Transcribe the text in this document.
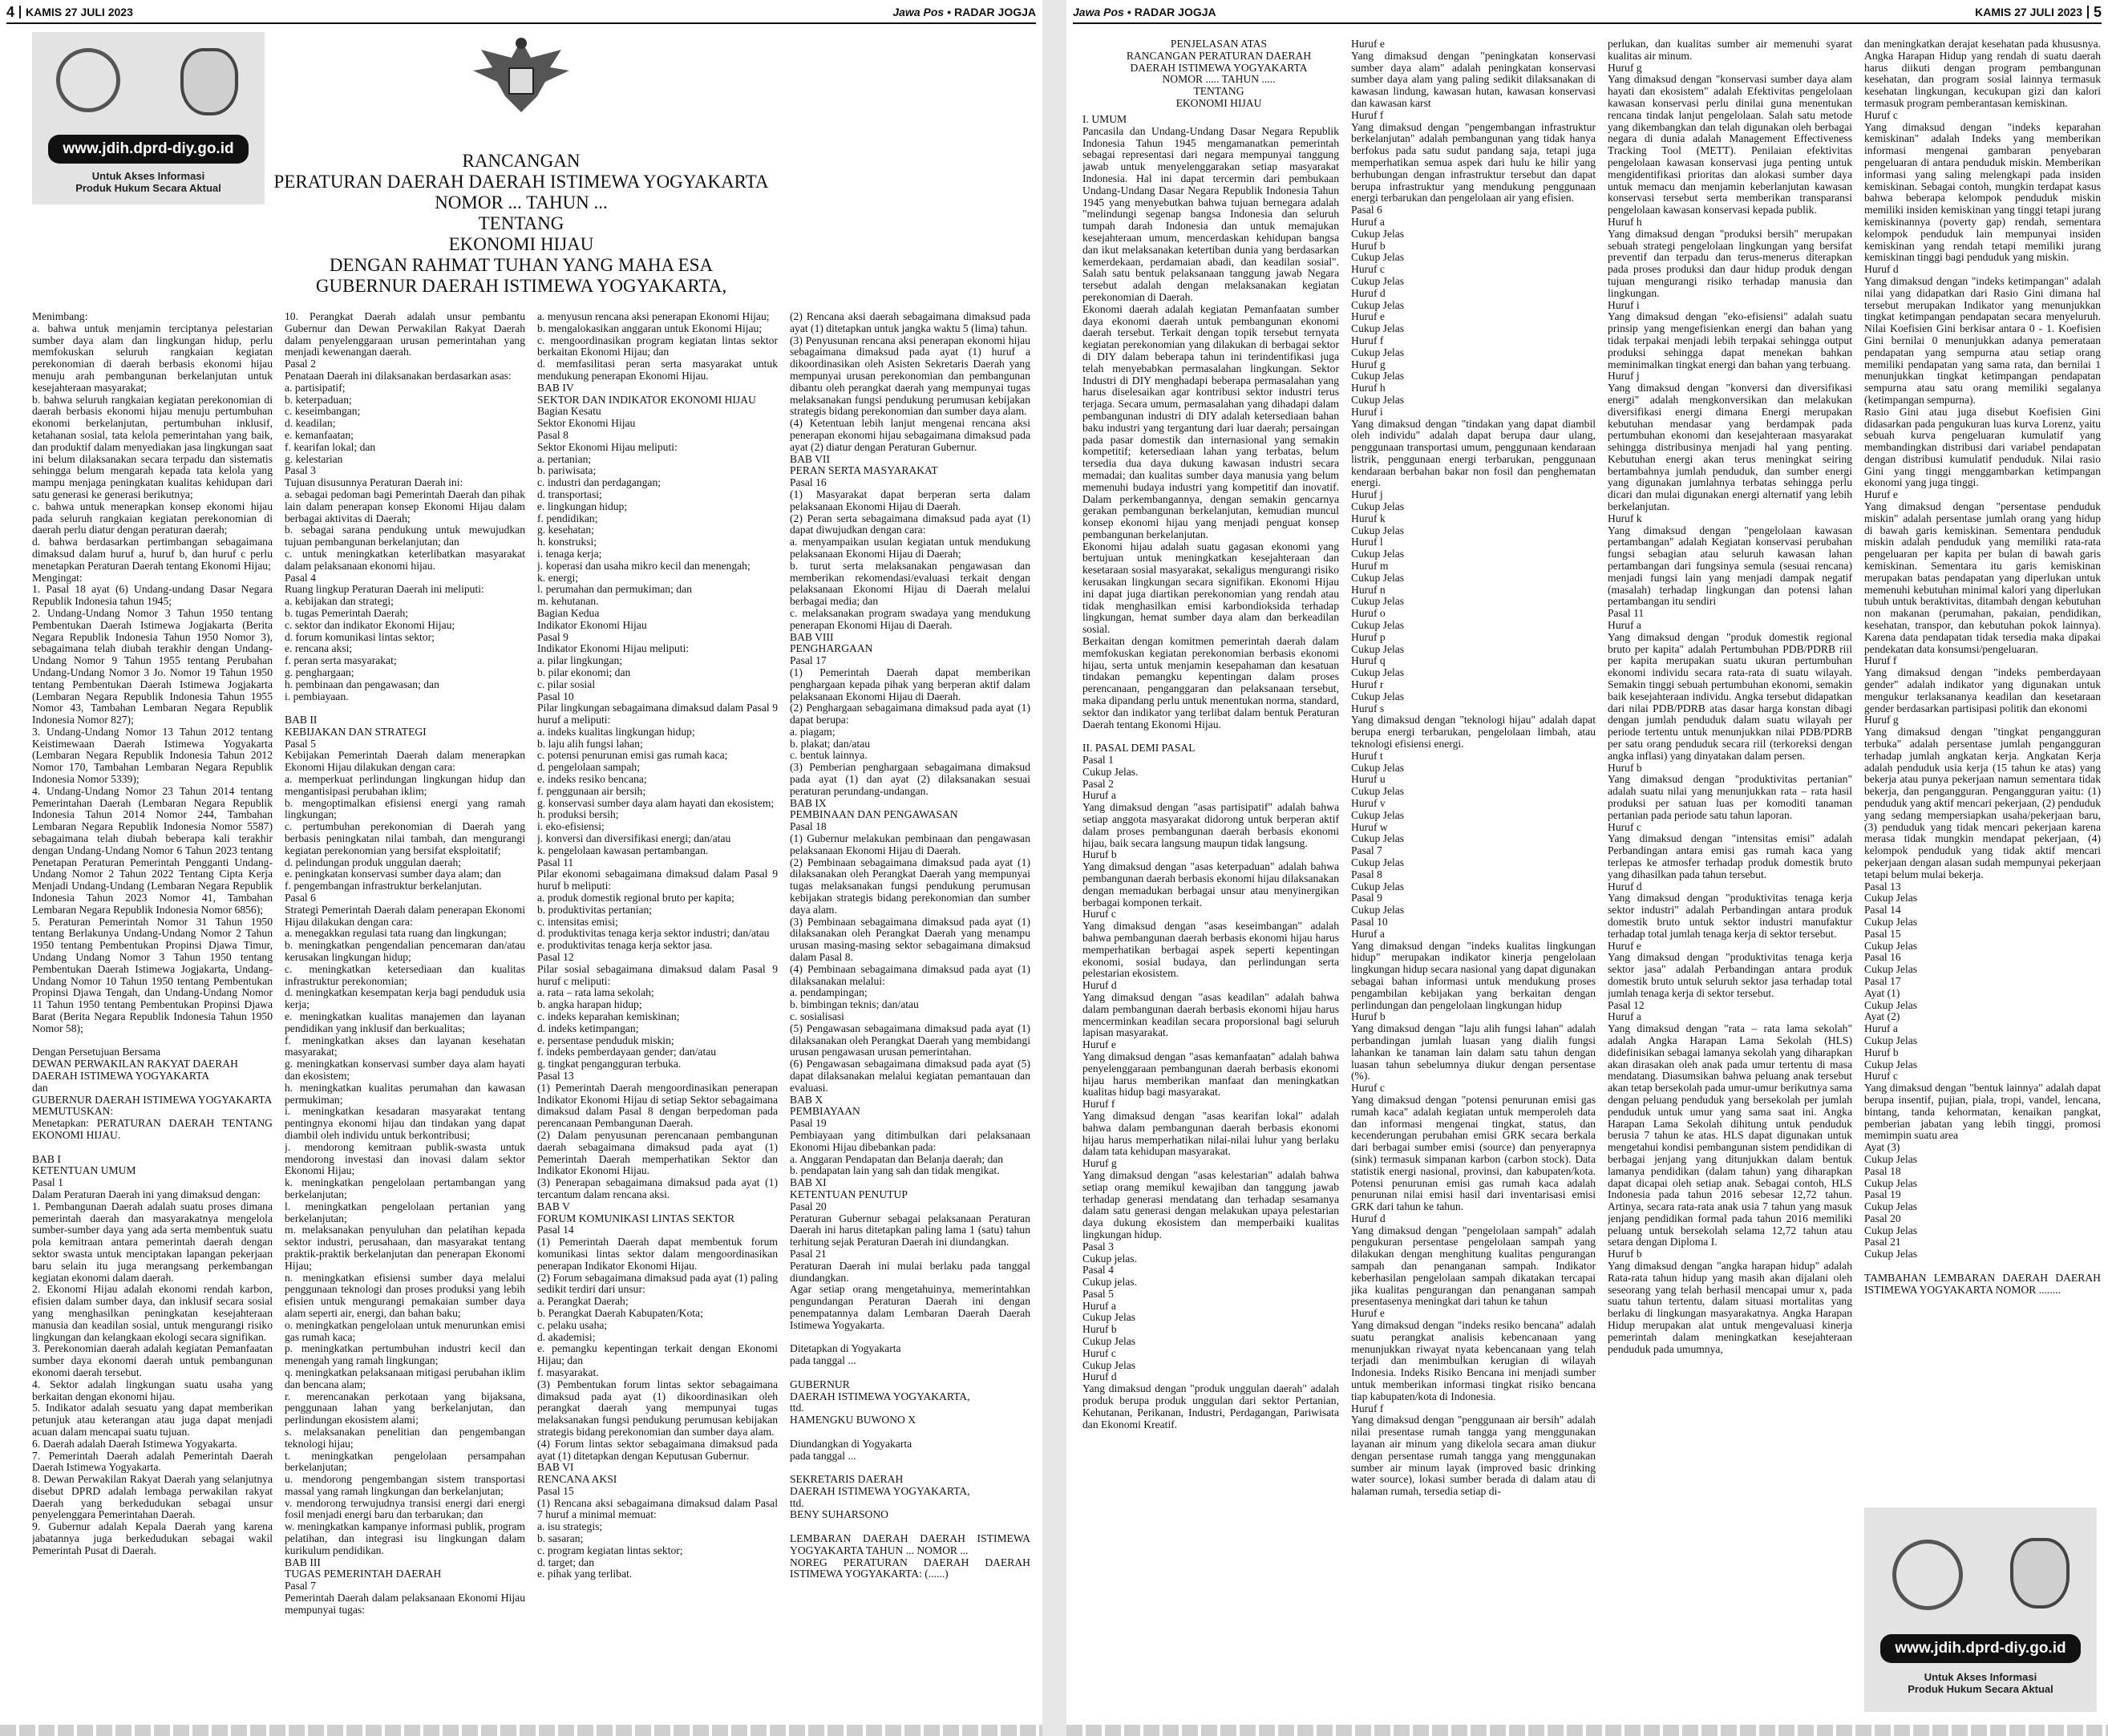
4 KAMIS 27 JULI 2023	Jawa Pos • RADAR JOGJA
www.jdih.dprd-diy.go.id
Untuk Akses Informasi
Produk Hukum Secara Aktual
RANCANGAN
PERATURAN DAERAH DAERAH ISTIMEWA YOGYAKARTA
NOMOR ... TAHUN ...
TENTANG
EKONOMI HIJAU
DENGAN RAHMAT TUHAN YANG MAHA ESA
GUBERNUR DAERAH ISTIMEWA YOGYAKARTA,
Menimbang:
a. bahwa untuk menjamin terciptanya pelestarian sumber daya alam dan lingkungan hidup, perlu memfokuskan seluruh rangkaian kegiatan perekonomian di daerah berbasis ekonomi hijau menuju arah pembangunan berkelanjutan untuk kesejahteraan masyarakat;
b. bahwa seluruh rangkaian kegiatan perekonomian di daerah berbasis ekonomi hijau menuju pertumbuhan ekonomi berkelanjutan, pertumbuhan inklusif, ketahanan sosial, tata kelola pemerintahan yang baik, dan produktif dalam menyediakan jasa lingkungan saat ini belum dilaksanakan secara terpadu dan sistematis sehingga belum mengarah kepada tata kelola yang mampu menjaga peningkatan kualitas kehidupan dari satu generasi ke generasi berikutnya;
c. bahwa untuk menerapkan konsep ekonomi hijau pada seluruh rangkaian kegiatan perekonomian di daerah perlu diatur dengan peraturan daerah;
d. bahwa berdasarkan pertimbangan sebagaimana dimaksud dalam huruf a, huruf b, dan huruf c perlu menetapkan Peraturan Daerah tentang Ekonomi Hijau;
Mengingat:
1. Pasal 18 ayat (6) Undang-undang Dasar Negara Republik Indonesia tahun 1945;
2. Undang-Undang Nomor 3 Tahun 1950 tentang Pembentukan Daerah Istimewa Jogjakarta (Berita Negara Republik Indonesia Tahun 1950 Nomor 3), sebagaimana telah diubah terakhir dengan Undang-Undang Nomor 9 Tahun 1955 tentang Perubahan Undang-Undang Nomor 3 Jo. Nomor 19 Tahun 1950 tentang Pembentukan Daerah Istimewa Jogjakarta (Lembaran Negara Republik Indonesia Tahun 1955 Nomor 43, Tambahan Lembaran Negara Republik Indonesia Nomor 827);
3. Undang-Undang Nomor 13 Tahun 2012 tentang Keistimewaan Daerah Istimewa Yogyakarta (Lembaran Negara Republik Indonesia Tahun 2012 Nomor 170, Tambahan Lembaran Negara Republik Indonesia Nomor 5339);
4. Undang-Undang Nomor 23 Tahun 2014 tentang Pemerintahan Daerah (Lembaran Negara Republik Indonesia Tahun 2014 Nomor 244, Tambahan Lembaran Negara Republik Indonesia Nomor 5587) sebagaimana telah diubah beberapa kali terakhir dengan Undang-Undang Nomor 6 Tahun 2023 tentang Penetapan Peraturan Pemerintah Pengganti Undang-Undang Nomor 2 Tahun 2022 Tentang Cipta Kerja Menjadi Undang-Undang (Lembaran Negara Republik Indonesia Tahun 2023 Nomor 41, Tambahan Lembaran Negara Republik Indonesia Nomor 6856);
5. Peraturan Pemerintah Nomor 31 Tahun 1950 tentang Berlakunya Undang-Undang Nomor 2 Tahun 1950 tentang Pembentukan Propinsi Djawa Timur, Undang Undang Nomor 3 Tahun 1950 tentang Pembentukan Daerah Istimewa Jogjakarta, Undang-Undang Nomor 10 Tahun 1950 tentang Pembentukan Propinsi Djawa Tengah, dan Undang-Undang Nomor 11 Tahun 1950 tentang Pembentukan Propinsi Djawa Barat (Berita Negara Republik Indonesia Tahun 1950 Nomor 58);

Dengan Persetujuan Bersama
DEWAN PERWAKILAN RAKYAT DAERAH
DAERAH ISTIMEWA YOGYAKARTA
dan
GUBERNUR DAERAH ISTIMEWA YOGYAKARTA
MEMUTUSKAN:
Menetapkan: PERATURAN DAERAH TENTANG EKONOMI HIJAU.

BAB I
KETENTUAN UMUM
Pasal 1
Dalam Peraturan Daerah ini yang dimaksud dengan:
1. Pembangunan Daerah adalah suatu proses dimana pemerintah daerah dan masyarakatnya mengelola sumber-sumber daya yang ada serta membentuk suatu pola kemitraan antara pemerintah daerah dengan sektor swasta untuk menciptakan lapangan pekerjaan baru selain itu juga merangsang perkembangan kegiatan ekonomi dalam daerah.
2. Ekonomi Hijau adalah ekonomi rendah karbon, efisien dalam sumber daya, dan inklusif secara sosial yang menghasilkan peningkatan kesejahteraan manusia dan keadilan sosial, untuk mengurangi risiko lingkungan dan kelangkaan ekologi secara signifikan.
3. Perekonomian daerah adalah kegiatan Pemanfaatan sumber daya ekonomi daerah untuk pembangunan ekonomi daerah tersebut.
4. Sektor adalah lingkungan suatu usaha yang berkaitan dengan ekonomi hijau.
5. Indikator adalah sesuatu yang dapat memberikan petunjuk atau keterangan atau juga dapat menjadi acuan dalam mencapai suatu tujuan.
6. Daerah adalah Daerah Istimewa Yogyakarta.
7. Pemerintah Daerah adalah Pemerintah Daerah Daerah Istimewa Yogyakarta.
8. Dewan Perwakilan Rakyat Daerah yang selanjutnya disebut DPRD adalah lembaga perwakilan rakyat Daerah yang berkedudukan sebagai unsur penyelenggara Pemerintahan Daerah.
9. Gubernur adalah Kepala Daerah yang karena jabatannya juga berkedudukan sebagai wakil Pemerintah Pusat di Daerah.
10. Perangkat Daerah adalah unsur pembantu Gubernur dan Dewan Perwakilan Rakyat Daerah dalam penyelenggaraan urusan pemerintahan yang menjadi kewenangan daerah.
Pasal 2
Penataan Daerah ini dilaksanakan berdasarkan asas:
a. partisipatif;
b. keterpaduan;
c. keseimbangan;
d. keadilan;
e. kemanfaatan;
f. kearifan lokal; dan
g. kelestarian
Pasal 3
Tujuan disusunnya Peraturan Daerah ini:
a. sebagai pedoman bagi Pemerintah Daerah dan pihak lain dalam penerapan konsep Ekonomi Hijau dalam berbagai aktivitas di Daerah;
b. sebagai sarana pendukung untuk mewujudkan tujuan pembangunan berkelanjutan; dan
c. untuk meningkatkan keterlibatkan masyarakat dalam pelaksanaan ekonomi hijau.
Pasal 4
Ruang lingkup Peraturan Daerah ini meliputi:
a. kebijakan dan strategi;
b. tugas Pemerintah Daerah;
c. sektor dan indikator Ekonomi Hijau;
d. forum komunikasi lintas sektor;
e. rencana aksi;
f. peran serta masyarakat;
g. penghargaan;
h. pembinaan dan pengawasan; dan
i. pembiayaan.

BAB II
KEBIJAKAN DAN STRATEGI
Pasal 5
Kebijakan Pemerintah Daerah dalam menerapkan Ekonomi Hijau dilakukan dengan cara:
a. memperkuat perlindungan lingkungan hidup dan mengantisipasi perubahan iklim;
b. mengoptimalkan efisiensi energi yang ramah lingkungan;
c. pertumbuhan perekonomian di Daerah yang berbasis peningkatan nilai tambah, dan mengurangi kegiatan perekonomian yang bersifat eksploitatif;
d. pelindungan produk unggulan daerah;
e. peningkatan konservasi sumber daya alam; dan
f. pengembangan infrastruktur berkelanjutan.
Pasal 6
Strategi Pemerintah Daerah dalam penerapan Ekonomi Hijau dilakukan dengan cara:
a. menegakkan regulasi tata ruang dan lingkungan;
b. meningkatkan pengendalian pencemaran dan/atau kerusakan lingkungan hidup;
c. meningkatkan ketersediaan dan kualitas infrastruktur perekonomian;
d. meningkatkan kesempatan kerja bagi penduduk usia kerja;
e. meningkatkan kualitas manajemen dan layanan pendidikan yang inklusif dan berkualitas;
f. meningkatkan akses dan layanan kesehatan masyarakat;
g. meningkatkan konservasi sumber daya alam hayati dan ekosistem;
h. meningkatkan kualitas perumahan dan kawasan permukiman;
i. meningkatkan kesadaran masyarakat tentang pentingnya ekonomi hijau dan tindakan yang dapat diambil oleh individu untuk berkontribusi;
j. mendorong kemitraan publik-swasta untuk mendorong investasi dan inovasi dalam sektor Ekonomi Hijau;
k. meningkatkan pengelolaan pertambangan yang berkelanjutan;
l. meningkatkan pengelolaan pertanian yang berkelanjutan;
m. melaksanakan penyuluhan dan pelatihan kepada sektor industri, perusahaan, dan masyarakat tentang praktik-praktik berkelanjutan dan penerapan Ekonomi Hijau;
n. meningkatkan efisiensi sumber daya melalui penggunaan teknologi dan proses produksi yang lebih efisien untuk mengurangi pemakaian sumber daya alam seperti air, energi, dan bahan baku;
o. meningkatkan pengelolaan untuk menurunkan emisi gas rumah kaca;
p. meningkatkan pertumbuhan industri kecil dan menengah yang ramah lingkungan;
q. meningkatkan pelaksanaan mitigasi perubahan iklim dan bencana alam;
r. merencanakan perkotaan yang bijaksana, penggunaan lahan yang berkelanjutan, dan perlindungan ekosistem alami;
s. melaksanakan penelitian dan pengembangan teknologi hijau;
t. meningkatkan pengelolaan persampahan berkelanjutan;
u. mendorong pengembangan sistem transportasi massal yang ramah lingkungan dan berkelanjutan;
v. mendorong terwujudnya transisi energi dari energi fosil menjadi energi baru dan terbarukan; dan
w. meningkatkan kampanye informasi publik, program pelatihan, dan integrasi isu lingkungan dalam kurikulum pendidikan.
BAB III
TUGAS PEMERINTAH DAERAH
Pasal 7
Pemerintah Daerah dalam pelaksanaan Ekonomi Hijau mempunyai tugas:
a. menyusun rencana aksi penerapan Ekonomi Hijau;
b. mengalokasikan anggaran untuk Ekonomi Hijau;
c. mengoordinasikan program kegiatan lintas sektor berkaitan Ekonomi Hijau; dan
d. memfasilitasi peran serta masyarakat untuk mendukung penerapan Ekonomi Hijau.
BAB IV
SEKTOR DAN INDIKATOR EKONOMI HIJAU
Bagian Kesatu
Sektor Ekonomi Hijau
Pasal 8
Sektor Ekonomi Hijau meliputi:
a. pertanian;
b. pariwisata;
c. industri dan perdagangan;
d. transportasi;
e. lingkungan hidup;
f. pendidikan;
g. kesehatan;
h. konstruksi;
i. tenaga kerja;
j. koperasi dan usaha mikro kecil dan menengah;
k. energi;
l. perumahan dan permukiman; dan
m. kehutanan.
Bagian Kedua
Indikator Ekonomi Hijau
Pasal 9
Indikator Ekonomi Hijau meliputi:
a. pilar lingkungan;
b. pilar ekonomi; dan
c. pilar sosial
Pasal 10
Pilar lingkungan sebagaimana dimaksud dalam Pasal 9 huruf a meliputi:
a. indeks kualitas lingkungan hidup;
b. laju alih fungsi lahan;
c. potensi penurunan emisi gas rumah kaca;
d. pengelolaan sampah;
e. indeks resiko bencana;
f. penggunaan air bersih;
g. konservasi sumber daya alam hayati dan ekosistem;
h. produksi bersih;
i. eko-efisiensi;
j. konversi dan diversifikasi energi; dan/atau
k. pengelolaan kawasan pertambangan.
Pasal 11
Pilar ekonomi sebagaimana dimaksud dalam Pasal 9 huruf b meliputi:
a. produk domestik regional bruto per kapita;
b. produktivitas pertanian;
c. intensitas emisi;
d. produktivitas tenaga kerja sektor industri; dan/atau
e. produktivitas tenaga kerja sektor jasa.
Pasal 12
Pilar sosial sebagaimana dimaksud dalam Pasal 9 huruf c meliputi:
a. rata – rata lama sekolah;
b. angka harapan hidup;
c. indeks keparahan kemiskinan;
d. indeks ketimpangan;
e. persentase penduduk miskin;
f. indeks pemberdayaan gender; dan/atau
g. tingkat pengangguran terbuka.
Pasal 13
(1) Pemerintah Daerah mengoordinasikan penerapan Indikator Ekonomi Hijau di setiap Sektor sebagaimana dimaksud dalam Pasal 8 dengan berpedoman pada perencanaan Pembangunan Daerah.
(2) Dalam penyusunan perencanaan pembangunan daerah sebagaimana dimaksud pada ayat (1) Pemerintah Daerah memperhatikan Sektor dan Indikator Ekonomi Hijau.
(3) Penerapan sebagaimana dimaksud pada ayat (1) tercantum dalam rencana aksi.
BAB V
FORUM KOMUNIKASI LINTAS SEKTOR
Pasal 14
(1) Pemerintah Daerah dapat membentuk forum komunikasi lintas sektor dalam mengoordinasikan penerapan Indikator Ekonomi Hijau.
(2) Forum sebagaimana dimaksud pada ayat (1) paling sedikit terdiri dari unsur:
a. Perangkat Daerah;
b. Perangkat Daerah Kabupaten/Kota;
c. pelaku usaha;
d. akademisi;
e. pemangku kepentingan terkait dengan Ekonomi Hijau; dan
f. masyarakat.
(3) Pembentukan forum lintas sektor sebagaimana dimaksud pada ayat (1) dikoordinasikan oleh perangkat daerah yang mempunyai tugas melaksanakan fungsi pendukung perumusan kebijakan strategis bidang perekonomian dan sumber daya alam.
(4) Forum lintas sektor sebagaimana dimaksud pada ayat (1) ditetapkan dengan Keputusan Gubernur.
BAB VI
RENCANA AKSI
Pasal 15
(1) Rencana aksi sebagaimana dimaksud dalam Pasal 7 huruf a minimal memuat:
a. isu strategis;
b. sasaran;
c. program kegiatan lintas sektor;
d. target; dan
e. pihak yang terlibat.
(2) Rencana aksi daerah sebagaimana dimaksud pada ayat (1) ditetapkan untuk jangka waktu 5 (lima) tahun.
(3) Penyusunan rencana aksi penerapan ekonomi hijau sebagaimana dimaksud pada ayat (1) huruf a dikoordinasikan oleh Asisten Sekretaris Daerah yang mempunyai urusan perekonomian dan pembangunan dibantu oleh perangkat daerah yang mempunyai tugas melaksanakan fungsi pendukung perumusan kebijakan strategis bidang perekonomian dan sumber daya alam.
(4) Ketentuan lebih lanjut mengenai rencana aksi penerapan ekonomi hijau sebagaimana dimaksud pada ayat (2) diatur dengan Peraturan Gubernur.
BAB VII
PERAN SERTA MASYARAKAT
Pasal 16
(1) Masyarakat dapat berperan serta dalam pelaksanaan Ekonomi Hijau di Daerah.
(2) Peran serta sebagaimana dimaksud pada ayat (1) dapat diwujudkan dengan cara:
a. menyampaikan usulan kegiatan untuk mendukung pelaksanaan Ekonomi Hijau di Daerah;
b. turut serta melaksanakan pengawasan dan memberikan rekomendasi/evaluasi terkait dengan pelaksanaan Ekonomi Hijau di Daerah melalui berbagai media; dan
c. melaksanakan program swadaya yang mendukung penerapan Ekonomi Hijau di Daerah.
BAB VIII
PENGHARGAAN
Pasal 17
(1) Pemerintah Daerah dapat memberikan penghargaan kepada pihak yang berperan aktif dalam pelaksanaan Ekonomi Hijau di Daerah.
(2) Penghargaan sebagaimana dimaksud pada ayat (1) dapat berupa:
a. piagam;
b. plakat; dan/atau
c. bentuk lainnya.
(3) Pemberian penghargaan sebagaimana dimaksud pada ayat (1) dan ayat (2) dilaksanakan sesuai peraturan perundang-undangan.
BAB IX
PEMBINAAN DAN PENGAWASAN
Pasal 18
(1) Gubernur melakukan pembinaan dan pengawasan pelaksanaan Ekonomi Hijau di Daerah.
(2) Pembinaan sebagaimana dimaksud pada ayat (1) dilaksanakan oleh Perangkat Daerah yang mempunyai tugas melaksanakan fungsi pendukung perumusan kebijakan strategis bidang perekonomian dan sumber daya alam.
(3) Pembinaan sebagaimana dimaksud pada ayat (1) dilaksanakan oleh Perangkat Daerah yang menampu urusan masing-masing sektor sebagaimana dimaksud dalam Pasal 8.
(4) Pembinaan sebagaimana dimaksud pada ayat (1) dilaksanakan melalui:
a. pendampingan;
b. bimbingan teknis; dan/atau
c. sosialisasi
(5) Pengawasan sebagaimana dimaksud pada ayat (1) dilaksanakan oleh Perangkat Daerah yang membidangi urusan pengawasan urusan pemerintahan.
(6) Pengawasan sebagaimana dimaksud pada ayat (5) dapat dilaksanakan melalui kegiatan pemantauan dan evaluasi.
BAB X
PEMBIAYAAN
Pasal 19
Pembiayaan yang ditimbulkan dari pelaksanaan Ekonomi Hijau dibebankan pada:
a. Anggaran Pendapatan dan Belanja daerah; dan
b. pendapatan lain yang sah dan tidak mengikat.
BAB XI
KETENTUAN PENUTUP
Pasal 20
Peraturan Gubernur sebagai pelaksanaan Peraturan Daerah ini harus ditetapkan paling lama 1 (satu) tahun terhitung sejak Peraturan Daerah ini diundangkan.
Pasal 21
Peraturan Daerah ini mulai berlaku pada tanggal diundangkan.
Agar setiap orang mengetahuinya, memerintahkan pengundangan Peraturan Daerah ini dengan penempatannya dalam Lembaran Daerah Daerah Istimewa Yogyakarta.

Ditetapkan di Yogyakarta
pada tanggal ...

GUBERNUR
DAERAH ISTIMEWA YOGYAKARTA,
ttd.
HAMENGKU BUWONO X

Diundangkan di Yogyakarta
pada tanggal ...

SEKRETARIS DAERAH
DAERAH ISTIMEWA YOGYAKARTA,
ttd.
BENY SUHARSONO

LEMBARAN DAERAH DAERAH ISTIMEWA YOGYAKARTA TAHUN ... NOMOR ...
NOREG PERATURAN DAERAH DAERAH ISTIMEWA YOGYAKARTA: (......)
Jawa Pos • RADAR JOGJA	KAMIS 27 JULI 2023 5
PENJELASAN ATAS
RANCANGAN PERATURAN DAERAH
DAERAH ISTIMEWA YOGYAKARTA
NOMOR ..... TAHUN .....
TENTANG
EKONOMI HIJAU
I. UMUM
Pancasila dan Undang-Undang Dasar Negara Republik Indonesia Tahun 1945 mengamanatkan pemerintah sebagai representasi dari negara mempunyai tanggung jawab untuk menyelenggarakan setiap masyarakat Indonesia. Hal ini dapat tercermin dari pembukaan Undang-Undang Dasar Negara Republik Indonesia Tahun 1945 yang menyebutkan bahwa tujuan bernegara adalah "melindungi segenap bangsa Indonesia dan seluruh tumpah darah Indonesia dan untuk memajukan kesejahteraan umum, mencerdaskan kehidupan bangsa dan ikut melaksanakan ketertiban dunia yang berdasarkan kemerdekaan, perdamaian abadi, dan keadilan sosial". Salah satu bentuk pelaksanaan tanggung jawab Negara tersebut adalah dengan melaksanakan kegiatan perekonomian di Daerah.
Ekonomi daerah adalah kegiatan Pemanfaatan sumber daya ekonomi daerah untuk pembangunan ekonomi daerah tersebut. Terkait dengan topik tersebut ternyata kegiatan perekonomian yang dilakukan di berbagai sektor di DIY dalam beberapa tahun ini terindentifikasi juga telah menyebabkan permasalahan lingkungan. Sektor Industri di DIY menghadapi beberapa permasalahan yang harus diselesaikan agar kontribusi sektor industri terus terjaga. Secara umum, permasalahan yang dihadapi dalam pembangunan industri di DIY adalah ketersediaan bahan baku industri yang tergantung dari luar daerah; persaingan pada pasar domestik dan internasional yang semakin kompetitif; ketersediaan lahan yang terbatas, belum tersedia dua daya dukung kawasan industri secara memadai; dan kualitas sumber daya manusia yang belum memenuhi budaya industri yang kompetitif dan inovatif. Dalam perkembangannya, dengan semakin gencarnya gerakan pembangunan berkelanjutan, kemudian muncul konsep ekonomi hijau yang menjadi penguat konsep pembangunan berkelanjutan.
Ekonomi hijau adalah suatu gagasan ekonomi yang bertujuan untuk meningkatkan kesejahteraan dan kesetaraan sosial masyarakat, sekaligus mengurangi risiko kerusakan lingkungan secara signifikan. Ekonomi Hijau ini dapat juga diartikan perekonomian yang rendah atau tidak menghasilkan emisi karbondioksida terhadap lingkungan, hemat sumber daya alam dan berkeadilan sosial.
Berkaitan dengan komitmen pemerintah daerah dalam memfokuskan kegiatan perekonomian berbasis ekonomi hijau, serta untuk menjamin kesepahaman dan kesatuan tindakan pemangku kepentingan dalam proses perencanaan, penganggaran dan pelaksanaan tersebut, maka dipandang perlu untuk menentukan norma, standard, sektor dan indikator yang terlibat dalam bentuk Peraturan Daerah tentang Ekonomi Hijau.

II. PASAL DEMI PASAL
Pasal 1
Cukup Jelas.
Pasal 2
Huruf a
Yang dimaksud dengan "asas partisipatif" adalah bahwa setiap anggota masyarakat didorong untuk berperan aktif dalam proses pembangunan daerah berbasis ekonomi hijau, baik secara langsung maupun tidak langsung.
Huruf b
Yang dimaksud dengan "asas keterpaduan" adalah bahwa pembangunan daerah berbasis ekonomi hijau dilaksanakan dengan memadukan berbagai unsur atau menyinergikan berbagai komponen terkait.
Huruf c
Yang dimaksud dengan "asas keseimbangan" adalah bahwa pembangunan daerah berbasis ekonomi hijau harus memperhatikan berbagai aspek seperti kepentingan ekonomi, sosial budaya, dan perlindungan serta pelestarian ekosistem.
Huruf d
Yang dimaksud dengan "asas keadilan" adalah bahwa dalam pembangunan daerah berbasis ekonomi hijau harus mencerminkan keadilan secara proporsional bagi seluruh lapisan masyarakat.
Huruf e
Yang dimaksud dengan "asas kemanfaatan" adalah bahwa penyelenggaraan pembangunan daerah berbasis ekonomi hijau harus memberikan manfaat dan meningkatkan kualitas hidup bagi masyarakat.
Huruf f
Yang dimaksud dengan "asas kearifan lokal" adalah bahwa dalam pembangunan daerah berbasis ekonomi hijau harus memperhatikan nilai-nilai luhur yang berlaku dalam tata kehidupan masyarakat.
Huruf g
Yang dimaksud dengan "asas kelestarian" adalah bahwa setiap orang memikul kewajiban dan tanggung jawab terhadap generasi mendatang dan terhadap sesamanya dalam satu generasi dengan melakukan upaya pelestarian daya dukung ekosistem dan memperbaiki kualitas lingkungan hidup.
Pasal 3
Cukup jelas.
Pasal 4
Cukup jelas.
Pasal 5
Huruf a
Cukup Jelas
Huruf b
Cukup Jelas
Huruf c
Cukup Jelas
Huruf d
Yang dimaksud dengan "produk unggulan daerah" adalah produk berupa produk unggulan dari sektor Pertanian, Kehutanan, Perikanan, Industri, Perdagangan, Pariwisata dan Ekonomi Kreatif.
Huruf e
Yang dimaksud dengan "peningkatan konservasi sumber daya alam" adalah peningkatan konservasi sumber daya alam yang paling sedikit dilaksanakan di kawasan lindung, kawasan hutan, kawasan konservasi dan kawasan karst
Huruf f
Yang dimaksud dengan "pengembangan infrastruktur berkelanjutan" adalah pembangunan yang tidak hanya berfokus pada satu sudut pandang saja, tetapi juga memperhatikan semua aspek dari hulu ke hilir yang berhubungan dengan infrastruktur tersebut dan dapat berupa infrastruktur yang mendukung penggunaan energi terbarukan dan pengelolaan air yang efisien.
Pasal 6
Huruf a
Cukup Jelas
Huruf b
Cukup Jelas
Huruf c
Cukup Jelas
Huruf d
Cukup Jelas
Huruf e
Cukup Jelas
Huruf f
Cukup Jelas
Huruf g
Cukup Jelas
Huruf h
Cukup Jelas
Huruf i
Yang dimaksud dengan "tindakan yang dapat diambil oleh individu" adalah dapat berupa daur ulang, penggunaan transportasi umum, penggunaan kendaraan listrik, penggunaan energi terbarukan, penggunaan kendaraan berbahan bakar non fosil dan penghematan energi.
Huruf j
Cukup Jelas
Huruf k
Cukup Jelas
Huruf l
Cukup Jelas
Huruf m
Cukup Jelas
Huruf n
Cukup Jelas
Huruf o
Cukup Jelas
Huruf p
Cukup Jelas
Huruf q
Cukup Jelas
Huruf r
Cukup Jelas
Huruf s
Yang dimaksud dengan "teknologi hijau" adalah dapat berupa energi terbarukan, pengelolaan limbah, atau teknologi efisiensi energi.
Huruf t
Cukup Jelas
Huruf u
Cukup Jelas
Huruf v
Cukup Jelas
Huruf w
Cukup Jelas
Pasal 7
Cukup Jelas
Pasal 8
Cukup Jelas
Pasal 9
Cukup Jelas
Pasal 10
Huruf a
Yang dimaksud dengan "indeks kualitas lingkungan hidup" merupakan indikator kinerja pengelolaan lingkungan hidup secara nasional yang dapat digunakan sebagai bahan informasi untuk mendukung proses pengambilan kebijakan yang berkaitan dengan perlindungan dan pengelolaan lingkungan hidup
Huruf b
Yang dimaksud dengan "laju alih fungsi lahan" adalah perbandingan jumlah luasan yang dialih fungsi lahankan ke tanaman lain dalam satu tahun dengan luasan tahun sebelumnya diukur dengan persentase (%).
Huruf c
Yang dimaksud dengan "potensi penurunan emisi gas rumah kaca" adalah kegiatan untuk memperoleh data dan informasi mengenai tingkat, status, dan kecenderungan perubahan emisi GRK secara berkala dari berbagai sumber emisi (source) dan penyerapnya (sink) termasuk simpanan karbon (carbon stock). Data statistik energi nasional, provinsi, dan kabupaten/kota. Potensi penurunan emisi gas rumah kaca adalah penurunan nilai emisi hasil dari inventarisasi emisi GRK dari tahun ke tahun.
Huruf d
Yang dimaksud dengan "pengelolaan sampah" adalah pengukuran persentase pengelolaan sampah yang dilakukan dengan menghitung kualitas pengurangan sampah dan penanganan sampah. Indikator keberhasilan pengelolaan sampah dikatakan tercapai jika kualitas pengurangan dan penanganan sampah presentasenya meningkat dari tahun ke tahun
Huruf e
Yang dimaksud dengan "indeks resiko bencana" adalah suatu perangkat analisis kebencanaan yang menunjukkan riwayat nyata kebencanaan yang telah terjadi dan menimbulkan kerugian di wilayah Indonesia. Indeks Risiko Bencana ini menjadi sumber untuk memberikan informasi tingkat risiko bencana tiap kabupaten/kota di Indonesia.
Huruf f
Yang dimaksud dengan "penggunaan air bersih" adalah nilai presentase rumah tangga yang menggunakan layanan air minum yang dikelola secara aman diukur dengan persentase rumah tangga yang menggunakan sumber air minum layak (improved basic drinking water source), lokasi sumber berada di dalam atau di halaman rumah, tersedia setiap di-
perlukan, dan kualitas sumber air memenuhi syarat kualitas air minum.
Huruf g
Yang dimaksud dengan "konservasi sumber daya alam hayati dan ekosistem" adalah Efektivitas pengelolaan kawasan konservasi perlu dinilai guna menentukan rencana tindak lanjut pengelolaan. Salah satu metode yang dikembangkan dan telah digunakan oleh berbagai negara di dunia adalah Management Effectiveness Tracking Tool (METT). Penilaian efektivitas pengelolaan kawasan konservasi juga penting untuk mengidentifikasi prioritas dan alokasi sumber daya untuk memacu dan menjamin keberlanjutan kawasan konservasi tersebut serta memberikan transparansi pengelolaan kawasan konservasi kepada publik.
Huruf h
Yang dimaksud dengan "produksi bersih" merupakan sebuah strategi pengelolaan lingkungan yang bersifat preventif dan terpadu dan terus-menerus diterapkan pada proses produksi dan daur hidup produk dengan tujuan mengurangi risiko terhadap manusia dan lingkungan.
Huruf i
Yang dimaksud dengan "eko-efisiensi" adalah suatu prinsip yang mengefisienkan energi dan bahan yang tidak terpakai menjadi lebih terpakai sehingga output produksi sehingga dapat menekan bahkan meminimalkan tingkat energi dan bahan yang terbuang.
Huruf j
Yang dimaksud dengan "konversi dan diversifikasi energi" adalah mengkonversikan dan melakukan diversifikasi energi dimana Energi merupakan kebutuhan mendasar yang berdampak pada pertumbuhan ekonomi dan kesejahteraan masyarakat sehingga distribusinya menjadi hal yang penting. Kebutuhan energi akan terus meningkat seiring bertambahnya jumlah penduduk, dan sumber energi yang digunakan jumlahnya terbatas sehingga perlu dicari dan mulai digunakan energi alternatif yang lebih berkelanjutan.
Huruf k
Yang dimaksud dengan "pengelolaan kawasan pertambangan" adalah Kegiatan konservasi perubahan fungsi sebagian atau seluruh kawasan lahan pertambangan dari fungsinya semula (sesuai rencana) menjadi fungsi lain yang menjadi dampak negatif (masalah) terhadap lingkungan dan potensi lahan pertambangan itu sendiri
Pasal 11
Huruf a
Yang dimaksud dengan "produk domestik regional bruto per kapita" adalah Pertumbuhan PDB/PDRB riil per kapita merupakan suatu ukuran pertumbuhan ekonomi individu secara rata-rata di suatu wilayah. Semakin tinggi sebuah pertumbuhan ekonomi, semakin baik kesejahteraan individu. Angka tersebut didapatkan dari nilai PDB/PDRB atas dasar harga konstan dibagi dengan jumlah penduduk dalam suatu wilayah per periode tertentu untuk menunjukkan nilai PDB/PDRB per satu orang penduduk secara riil (terkoreksi dengan angka inflasi) yang dinyatakan dalam persen.
Huruf b
Yang dimaksud dengan "produktivitas pertanian" adalah suatu nilai yang menunjukkan rata – rata hasil produksi per satuan luas per komoditi tanaman pertanian pada periode satu tahun laporan.
Huruf c
Yang dimaksud dengan "intensitas emisi" adalah Perbandingan antara emisi gas rumah kaca yang terlepas ke atmosfer terhadap produk domestik bruto yang dihasilkan pada tahun tersebut.
Huruf d
Yang dimaksud dengan "produktivitas tenaga kerja sektor industri" adalah Perbandingan antara produk domestik bruto untuk sektor industri manufaktur terhadap total jumlah tenaga kerja di sektor tersebut.
Huruf e
Yang dimaksud dengan "produktivitas tenaga kerja sektor jasa" adalah Perbandingan antara produk domestik bruto untuk seluruh sektor jasa terhadap total jumlah tenaga kerja di sektor tersebut.
Pasal 12
Huruf a
Yang dimaksud dengan "rata – rata lama sekolah" adalah Angka Harapan Lama Sekolah (HLS) didefinisikan sebagai lamanya sekolah yang diharapkan akan dirasakan oleh anak pada umur tertentu di masa mendatang. Diasumsikan bahwa peluang anak tersebut akan tetap bersekolah pada umur-umur berikutnya sama dengan peluang penduduk yang bersekolah per jumlah penduduk untuk umur yang sama saat ini. Angka Harapan Lama Sekolah dihitung untuk penduduk berusia 7 tahun ke atas. HLS dapat digunakan untuk mengetahui kondisi pembangunan sistem pendidikan di berbagai jenjang yang ditunjukkan dalam bentuk lamanya pendidikan (dalam tahun) yang diharapkan dapat dicapai oleh setiap anak. Sebagai contoh, HLS Indonesia pada tahun 2016 sebesar 12,72 tahun. Artinya, secara rata-rata anak usia 7 tahun yang masuk jenjang pendidikan formal pada tahun 2016 memiliki peluang untuk bersekolah selama 12,72 tahun atau setara dengan Diploma I.
Huruf b
Yang dimaksud dengan "angka harapan hidup" adalah Rata-rata tahun hidup yang masih akan dijalani oleh seseorang yang telah berhasil mencapai umur x, pada suatu tahun tertentu, dalam situasi mortalitas yang berlaku di lingkungan masyarakatnya. Angka Harapan Hidup merupakan alat untuk mengevaluasi kinerja pemerintah dalam meningkatkan kesejahteraan penduduk pada umumnya,
dan meningkatkan derajat kesehatan pada khususnya. Angka Harapan Hidup yang rendah di suatu daerah harus diikuti dengan program pembangunan kesehatan, dan program sosial lainnya termasuk kesehatan lingkungan, kecukupan gizi dan kalori termasuk program pemberantasan kemiskinan.
Huruf c
Yang dimaksud dengan "indeks keparahan kemiskinan" adalah Indeks yang memberikan informasi mengenai gambaran penyebaran pengeluaran di antara penduduk miskin. Memberikan informasi yang saling melengkapi pada insiden kemiskinan. Sebagai contoh, mungkin terdapat kasus bahwa beberapa kelompok penduduk miskin memiliki insiden kemiskinan yang tinggi tetapi jurang kemiskinannya (poverty gap) rendah, sementara kelompok penduduk lain mempunyai insiden kemiskinan yang rendah tetapi memiliki jurang kemiskinan tinggi bagi penduduk yang miskin.
Huruf d
Yang dimaksud dengan "indeks ketimpangan" adalah nilai yang didapatkan dari Rasio Gini dimana hal tersebut merupakan Indikator yang menunjukkan tingkat ketimpangan pendapatan secara menyeluruh. Nilai Koefisien Gini berkisar antara 0 - 1. Koefisien Gini bernilai 0 menunjukkan adanya pemerataan pendapatan yang sempurna atau setiap orang memiliki pendapatan yang sama rata, dan bernilai 1 menunjukkan tingkat ketimpangan pendapatan sempurna atau satu orang memiliki segalanya (ketimpangan sempurna).
Rasio Gini atau juga disebut Koefisien Gini didasarkan pada pengukuran luas kurva Lorenz, yaitu sebuah kurva pengeluaran kumulatif yang membandingkan distribusi dari variabel pendapatan dengan distribusi kumulatif penduduk. Nilai rasio Gini yang tinggi menggambarkan ketimpangan ekonomi yang juga tinggi.
Huruf e
Yang dimaksud dengan "persentase penduduk miskin" adalah persentase jumlah orang yang hidup di bawah garis kemiskinan. Sementara penduduk miskin adalah penduduk yang memiliki rata-rata pengeluaran per kapita per bulan di bawah garis kemiskinan. Sementara itu garis kemiskinan merupakan batas pendapatan yang diperlukan untuk memenuhi kebutuhan minimal kalori yang diperlukan tubuh untuk beraktivitas, ditambah dengan kebutuhan non makanan (perumahan, pakaian, pendidikan, kesehatan, transpor, dan kebutuhan pokok lainnya). Karena data pendapatan tidak tersedia maka dipakai pendekatan data konsumsi/pengeluaran.
Huruf f
Yang dimaksud dengan "indeks pemberdayaan gender" adalah indikator yang digunakan untuk mengukur terlaksananya keadilan dan kesetaraan gender berdasarkan partisipasi politik dan ekonomi
Huruf g
Yang dimaksud dengan "tingkat pengangguran terbuka" adalah persentase jumlah pengangguran terhadap jumlah angkatan kerja. Angkatan Kerja adalah penduduk usia kerja (15 tahun ke atas) yang bekerja atau punya pekerjaan namun sementara tidak bekerja, dan pengangguran. Pengangguran yaitu: (1) penduduk yang aktif mencari pekerjaan, (2) penduduk yang sedang mempersiapkan usaha/pekerjaan baru, (3) penduduk yang tidak mencari pekerjaan karena merasa tidak mungkin mendapat pekerjaan, (4) kelompok penduduk yang tidak aktif mencari pekerjaan dengan alasan sudah mempunyai pekerjaan tetapi belum mulai bekerja.
Pasal 13
Cukup Jelas
Pasal 14
Cukup Jelas
Pasal 15
Cukup Jelas
Pasal 16
Cukup Jelas
Pasal 17
Ayat (1)
Cukup Jelas
Ayat (2)
Huruf a
Cukup Jelas
Huruf b
Cukup Jelas
Huruf c
Yang dimaksud dengan "bentuk lainnya" adalah dapat berupa insentif, pujian, piala, tropi, vandel, lencana, bintang, tanda kehormatan, kenaikan pangkat, pemberian jabatan yang lebih tinggi, promosi memimpin suatu area
Ayat (3)
Cukup Jelas
Pasal 18
Cukup Jelas
Pasal 19
Cukup Jelas
Pasal 20
Cukup Jelas
Pasal 21
Cukup Jelas

TAMBAHAN LEMBARAN DAERAH DAERAH ISTIMEWA YOGYAKARTA NOMOR ........
www.jdih.dprd-diy.go.id
Untuk Akses Informasi
Produk Hukum Secara Aktual
